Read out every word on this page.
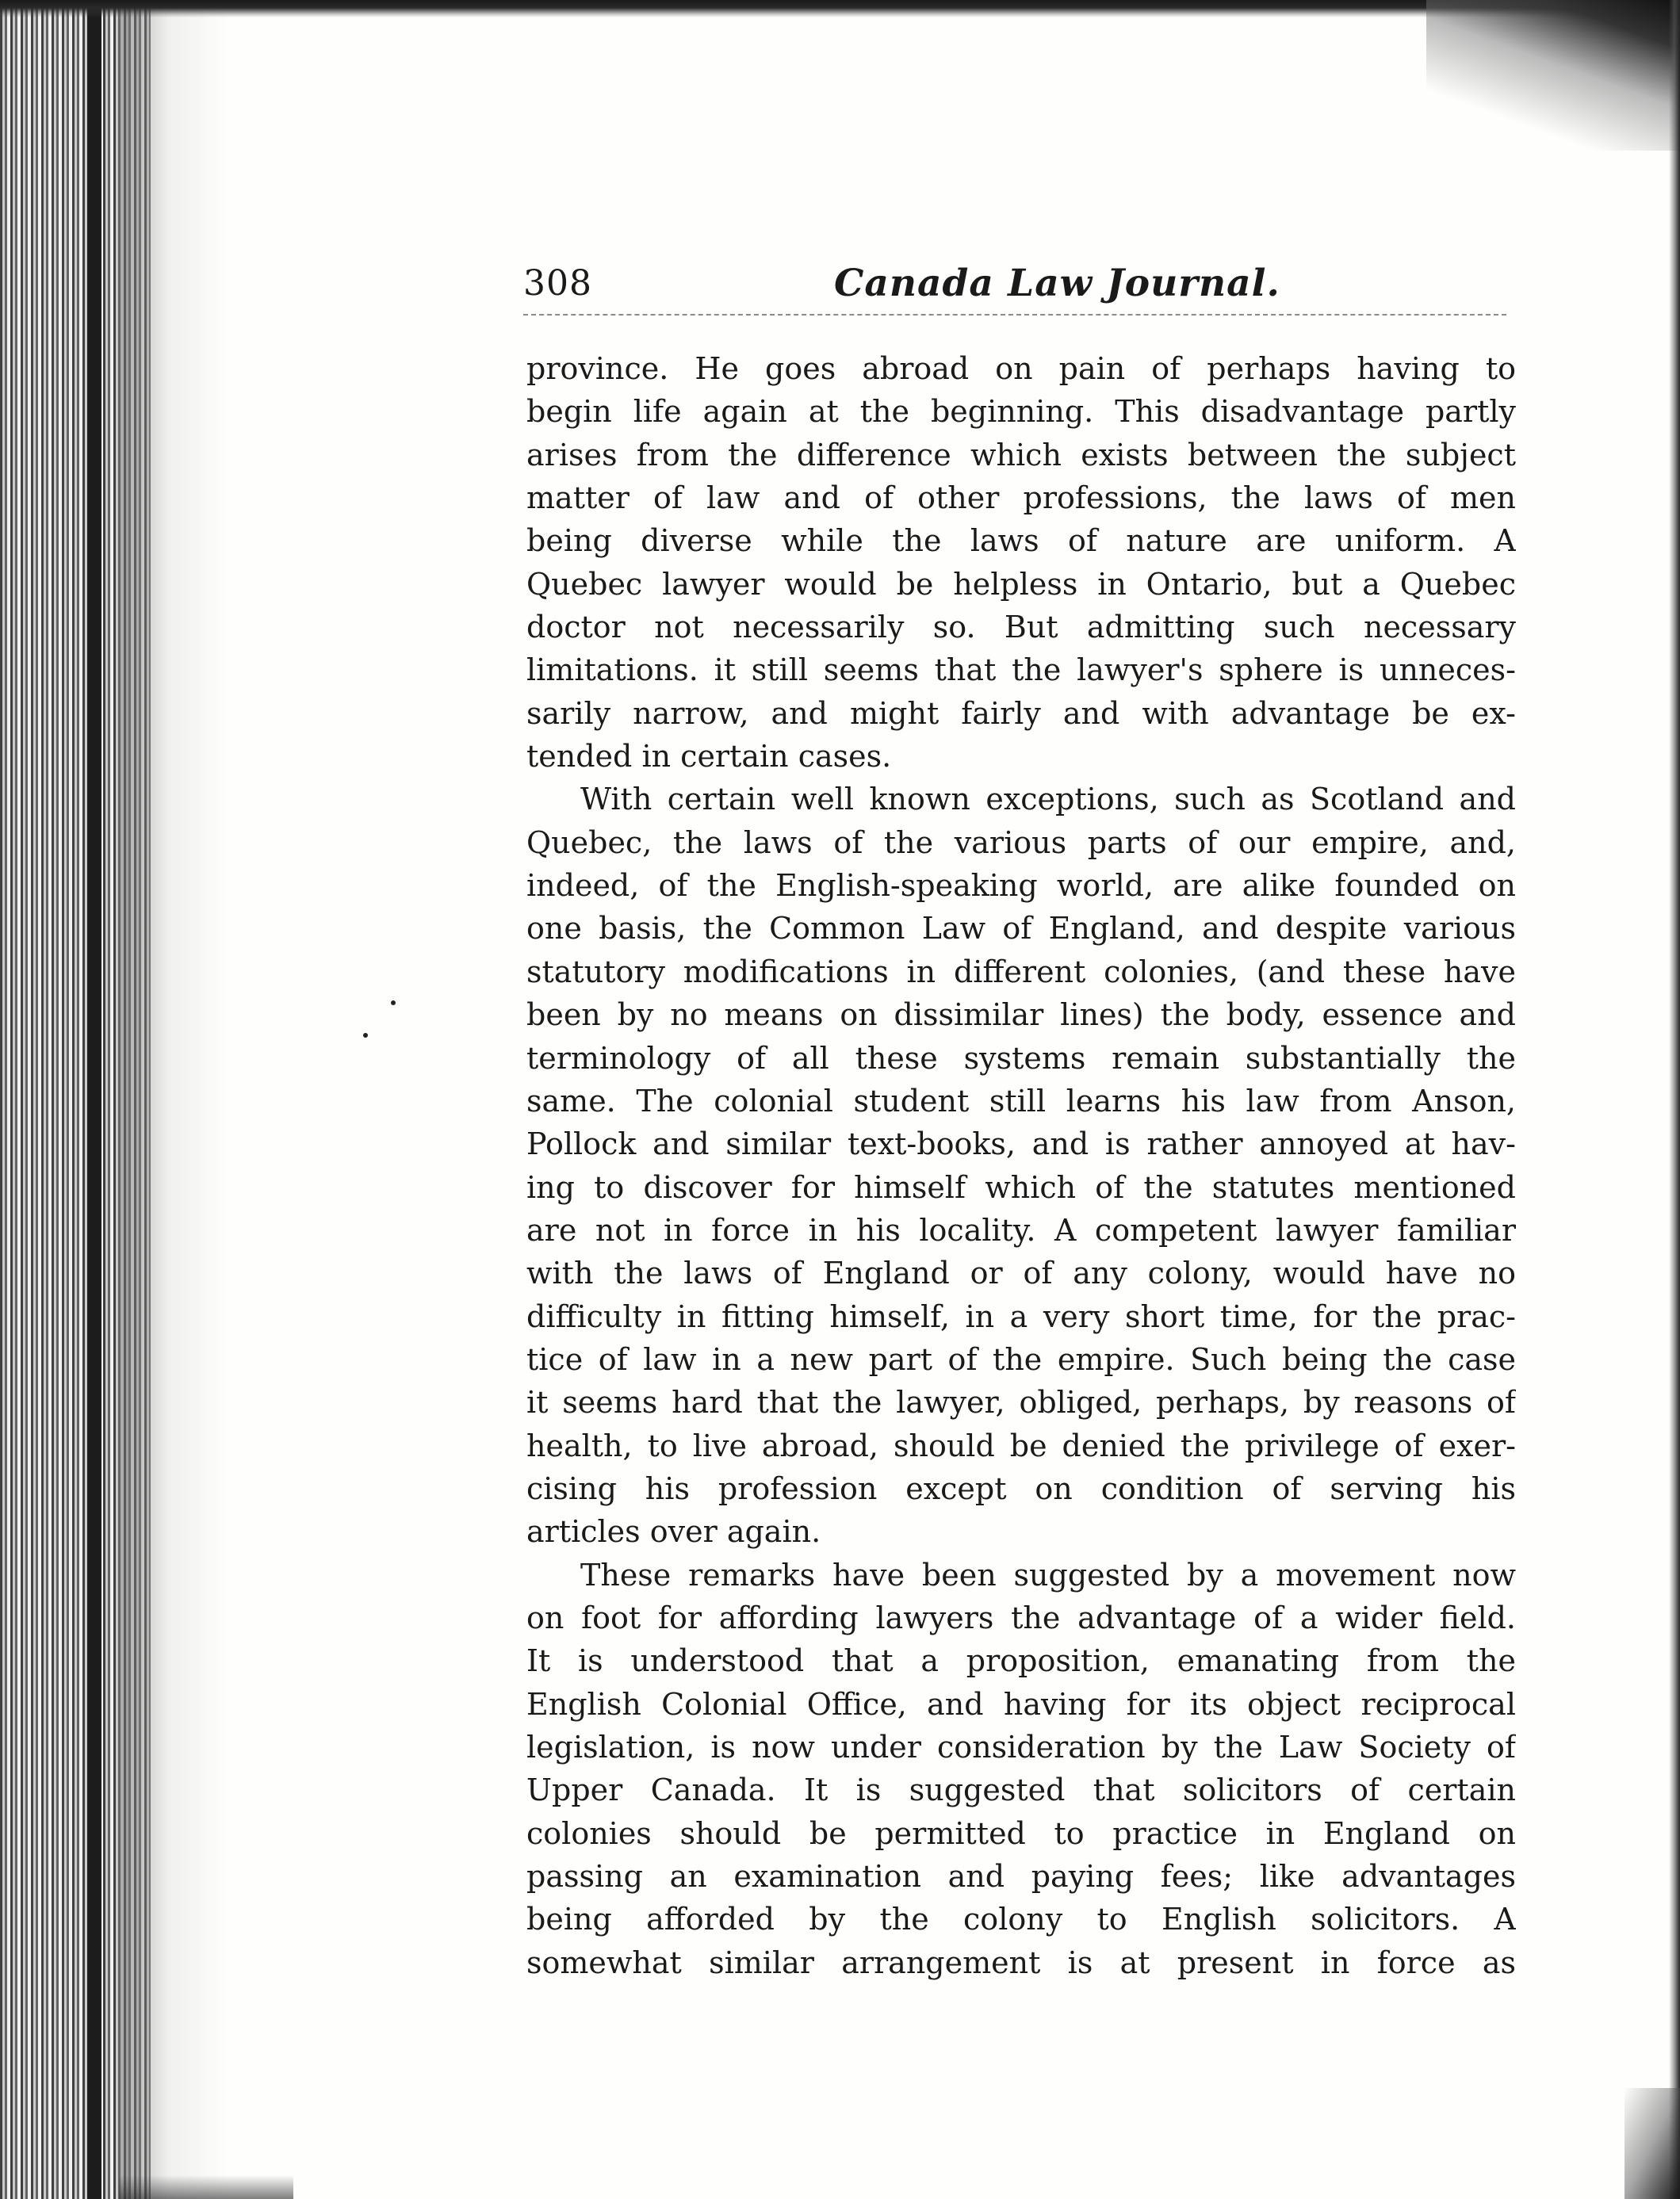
308	Canada Law Journal.
province. He goes abroad on pain of perhaps having to
begin life again at the beginning. This disadvantage partly
arises from the difference which exists between the subject
matter of law and of other professions, the laws of men
being diverse while the laws of nature are uniform. A
Quebec lawyer would be helpless in Ontario, but a Quebec
doctor not necessarily so. But admitting such necessary
limitations. it still seems that the lawyer's sphere is unneces-
sarily narrow, and might fairly and with advantage be ex-
tended in certain cases.
With certain well known exceptions, such as Scotland and
Quebec, the laws of the various parts of our empire, and,
indeed, of the English-speaking world, are alike founded on
one basis, the Common Law of England, and despite various
statutory modifications in different colonies, (and these have
been by no means on dissimilar lines) the body, essence and
terminology of all these systems remain substantially the
same. The colonial student still learns his law from Anson,
Pollock and similar text-books, and is rather annoyed at hav-
ing to discover for himself which of the statutes mentioned
are not in force in his locality. A competent lawyer familiar
with the laws of England or of any colony, would have no
difficulty in fitting himself, in a very short time, for the prac-
tice of law in a new part of the empire. Such being the case
it seems hard that the lawyer, obliged, perhaps, by reasons of
health, to live abroad, should be denied the privilege of exer-
cising his profession except on condition of serving his
articles over again.
These remarks have been suggested by a movement now
on foot for affording lawyers the advantage of a wider field.
It is understood that a proposition, emanating from the
English Colonial Office, and having for its object reciprocal
legislation, is now under consideration by the Law Society of
Upper Canada. It is suggested that solicitors of certain
colonies should be permitted to practice in England on
passing an examination and paying fees; like advantages
being afforded by the colony to English solicitors. A
somewhat similar arrangement is at present in force as
